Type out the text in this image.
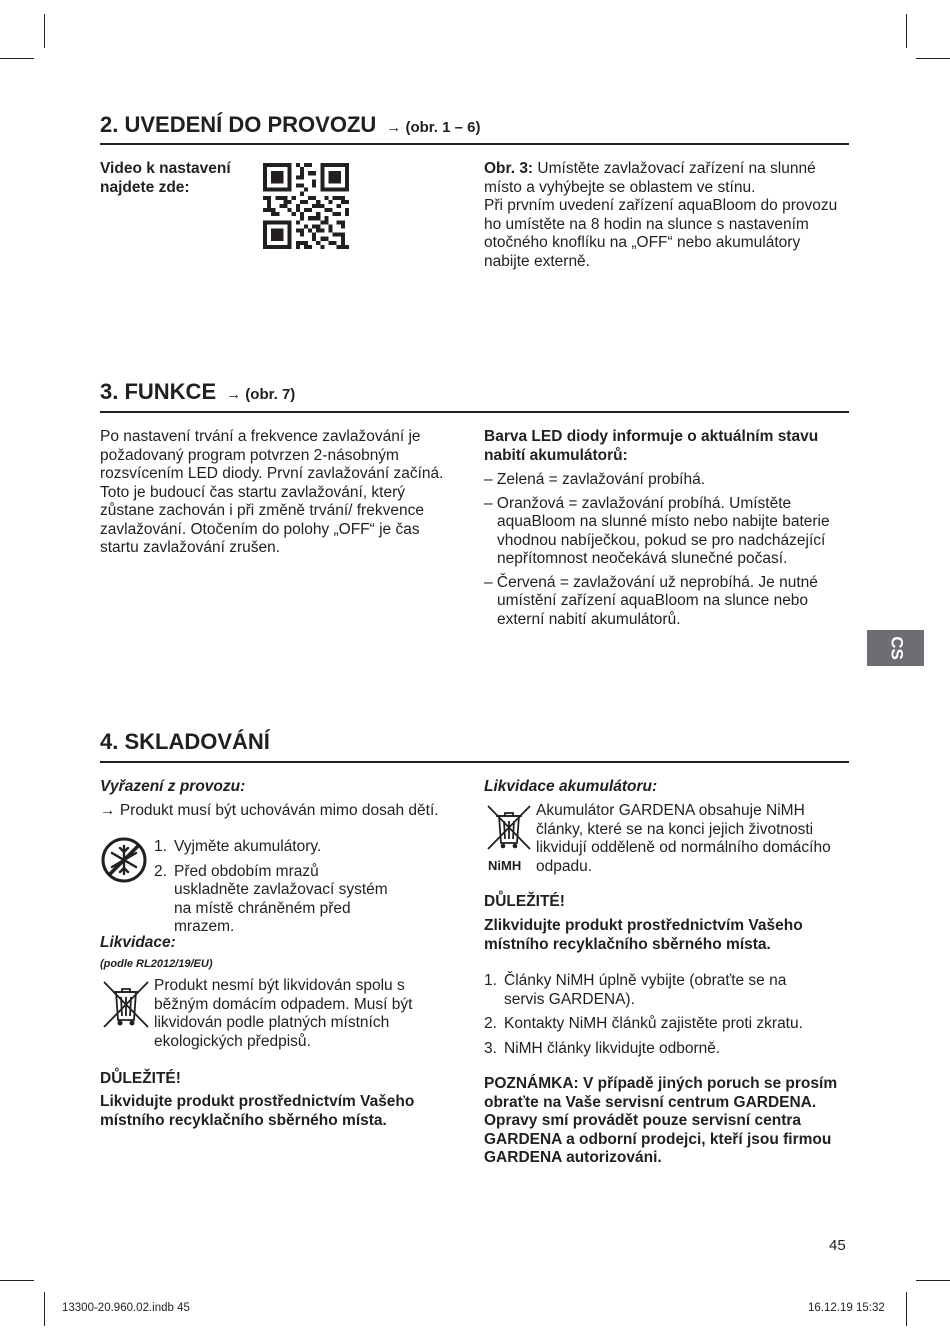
2. UVEDENÍ DO PROVOZU → (obr. 1 – 6)
Video k nastavení najdete zde:

Obr. 3: Umístěte zavlažovací zařízení na slunné místo a vyhýbejte se oblastem ve stínu.

Při prvním uvedení zařízení aquaBloom do provozu ho umístěte na 8 hodin na slunce s nastavením otočného knoflíku na „OFF“ nebo akumulátory nabijte externě.

3. FUNKCE → (obr. 7)
Po nastavení trvání a frekvence zavlažování je požadovaný program potvrzen 2-násobným rozsvícením LED diody. První zavlažování začíná. Toto je budoucí čas startu zavlažování, který zůstane zachován i při změně trvání/ frekvence zavlažování. Otočením do polohy „OFF“ je čas startu zavlažování zrušen.

Barva LED diody informuje o aktuálním stavu nabití akumulátorů:

– Zelená = zavlažování probíhá.

– Oranžová = zavlažování probíhá. Umístěte aquaBloom na slunné místo nebo nabijte baterie vhodnou nabíječkou, pokud se pro nadcházející nepřítomnost neočekává slunečné počasí.

– Červená = zavlažování už neprobíhá. Je nutné umístění zařízení aquaBloom na slunce nebo externí nabití akumulátorů.

CS
4. SKLADOVÁNÍ
Vyřazení z provozu:
→ Produkt musí být uchováván mimo dosah dětí.
1. Vyjměte akumulátory.
2. Před obdobím mrazů uskladněte zavlažovací systém na místě chráněném před mrazem.
Likvidace:
(podle RL2012/19/EU)
Produkt nesmí být likvidován spolu s běžným domácím odpadem. Musí být likvidován podle platných místních ekologických předpisů.
DŮLEŽITÉ!
Likvidujte produkt prostřednictvím Vašeho místního recyklačního sběrného místa.
Likvidace akumulátoru:
NiMH
Akumulátor GARDENA obsahuje NiMH články, které se na konci jejich životnosti likvidují odděleně od normálního domácího odpadu.
DŮLEŽITÉ!
Zlikvidujte produkt prostřednictvím Vašeho místního recyklačního sběrného místa.
1. Články NiMH úplně vybijte (obraťte se na servis GARDENA).
2. Kontakty NiMH článků zajistěte proti zkratu.
3. NiMH články likvidujte odborně.
POZNÁMKA: V případě jiných poruch se prosím obraťte na Vaše servisní centrum GARDENA. Opravy smí provádět pouze servisní centra GARDENA a odborní prodejci, kteří jsou firmou GARDENA autorizováni.
45
13300-20.960.02.indb 45	16.12.19 15:32
